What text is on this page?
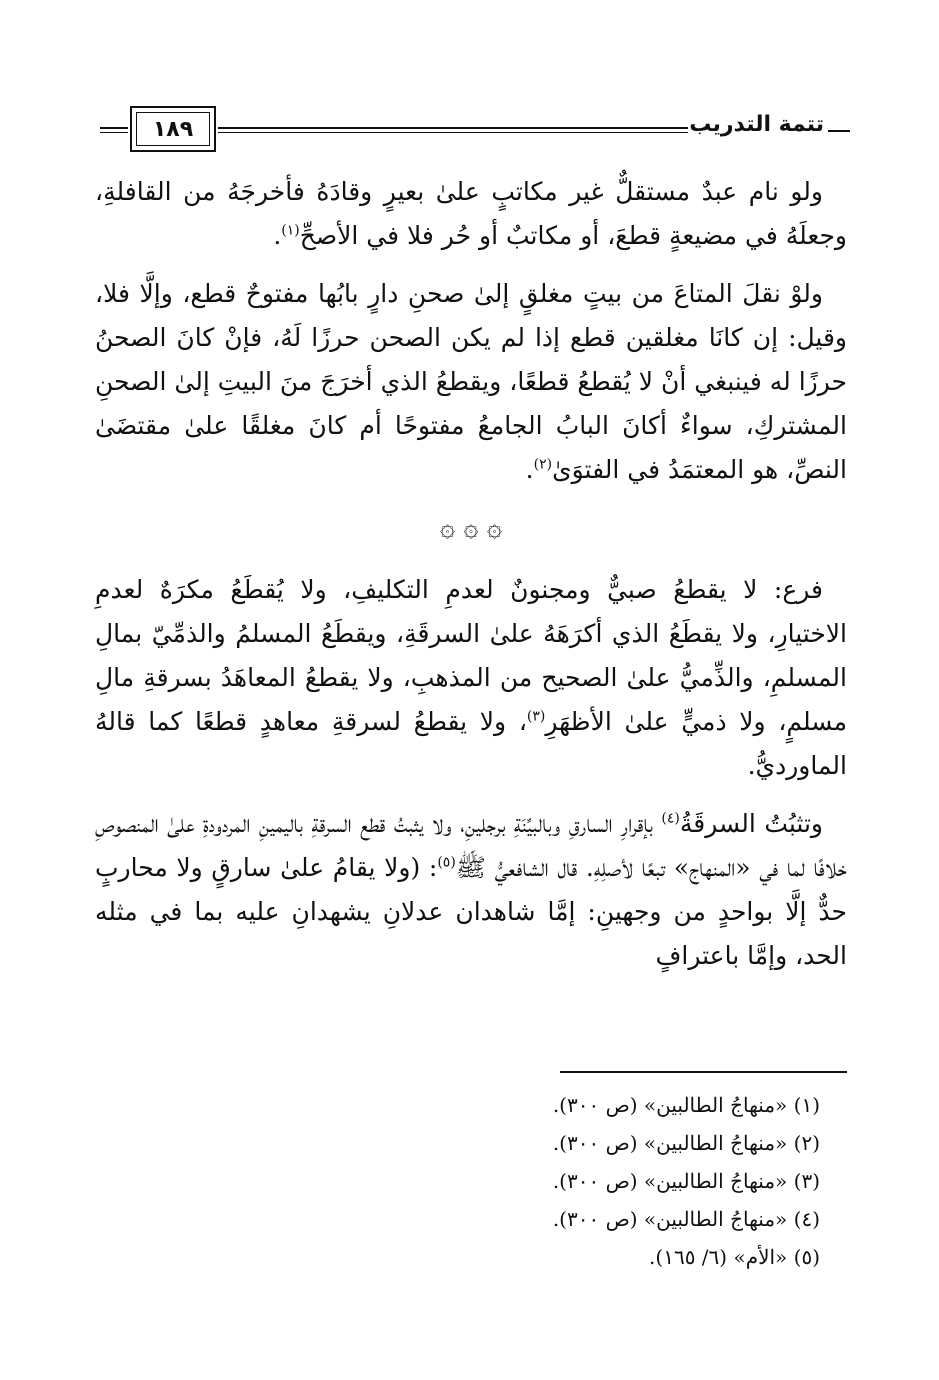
١٨٩	تتمة التدريب

ولو نام عبدٌ مستقلٌّ غير مكاتبٍ علىٰ بعيرٍ وقادَهُ فأخرجَهُ من القافلةِ، وجعلَهُ في مضيعةٍ قطعَ، أو مكاتبٌ أو حُر فلا في الأصحِّ$^{(١)}$.

ولوْ نقلَ المتاعَ من بيتٍ مغلقٍ إلىٰ صحنِ دارٍ بابُها مفتوحٌ قطع، وإلَّا فلا، وقيل: إن كانَا مغلقين قطع إذا لم يكن الصحن حرزًا لَهُ، فإنْ كانَ الصحنُ حرزًا له فينبغي أنْ لا يُقطعُ قطعًا، ويقطعُ الذي أخرَجَ منَ البيتِ إلىٰ الصحنِ المشتركِ، سواءٌ أكانَ البابُ الجامعُ مفتوحًا أم كانَ مغلقًا علىٰ مقتضَىٰ النصِّ، هو المعتمَدُ في الفتوَىٰ$^{(٢)}$.

۞ ۞ ۞

فرع: لا يقطعُ صبيٌّ ومجنونٌ لعدمِ التكليفِ، ولا يُقطَعُ مكرَهٌ لعدمِ الاختيارِ، ولا يقطَعُ الذي أكرَهَهُ علىٰ السرقَةِ، ويقطَعُ المسلمُ والذمِّيّ بمالِ المسلمِ، والذِّميُّ علىٰ الصحيح من المذهبِ، ولا يقطعُ المعاهَدُ بسرقةِ مالِ مسلمٍ، ولا ذميٍّ علىٰ الأظهَرِ$^{(٣)}$، ولا يقطعُ لسرقةِ معاهدٍ قطعًا كما قالهُ الماورديُّ.

وتثبُتُ السرقَةُ$^{(٤)}$ بإقرارِ السارقِ وبالبيِّنَةِ برجلينِ، ولا يثبتُ قطع السرقةِ باليمينِ المردودةِ علىٰ المنصوصِ خلافًا لما في «المنهاج» تبعًا لأصلِهِ. قال الشافعيُّ ﷺ$^{(٥)}$: (ولا يقامُ علىٰ سارقٍ ولا محاربٍ حدٌّ إلَّا بواحدٍ من وجهينِ: إمَّا شاهدان عدلانِ يشهدانِ عليه بما في مثله الحد، وإمَّا باعترافٍ

(١) «منهاجُ الطالبين» (ص ٣٠٠).
(٢) «منهاجُ الطالبين» (ص ٣٠٠).
(٣) «منهاجُ الطالبين» (ص ٣٠٠).
(٤) «منهاجُ الطالبين» (ص ٣٠٠).
(٥) «الأم» (٦/ ١٦٥).
